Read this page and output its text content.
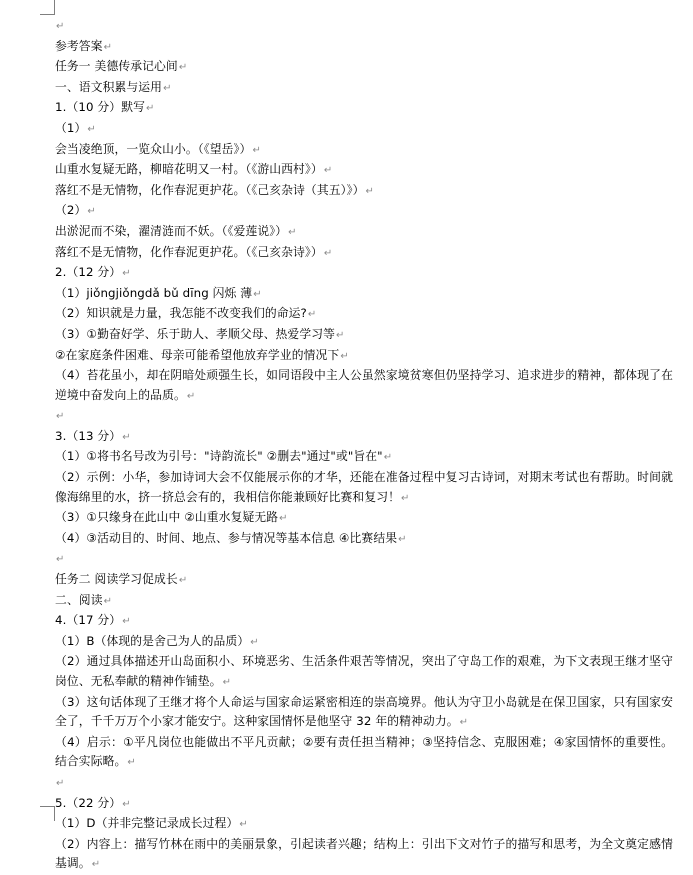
↵
参考答案↵
任务一 美德传承记心间↵
一、语文积累与运用↵
1.（10 分）默写↵
（1）↵
会当凌绝顶，一览众山小。（《望岳》）↵
山重水复疑无路，柳暗花明又一村。（《游山西村》）↵
落红不是无情物，化作春泥更护花。（《己亥杂诗（其五）》）↵
（2）↵
出淤泥而不染，濯清涟而不妖。（《爱莲说》）↵
落红不是无情物，化作春泥更护花。（《己亥杂诗》）↵
2.（12 分）↵
（1）jiǒngjiǒngdǎ bǔ dīng 闪烁 薄↵
（2）知识就是力量，我怎能不改变我们的命运?↵
（3）①勤奋好学、乐于助人、孝顺父母、热爱学习等↵
②在家庭条件困难、母亲可能希望他放弃学业的情况下↵
（4）苔花虽小，却在阴暗处顽强生长，如同语段中主人公虽然家境贫寒但仍坚持学习、追求进步的精神，都体现了在逆境中奋发向上的品质。↵
↵
3.（13 分）↵
（1）①将书名号改为引号："诗韵流长" ②删去"通过"或"旨在"↵
（2）示例：小华，参加诗词大会不仅能展示你的才华，还能在准备过程中复习古诗词，对期末考试也有帮助。时间就像海绵里的水，挤一挤总会有的，我相信你能兼顾好比赛和复习！↵
（3）①只缘身在此山中 ②山重水复疑无路↵
（4）③活动目的、时间、地点、参与情况等基本信息 ④比赛结果↵
↵
任务二 阅读学习促成长↵
二、阅读↵
4.（17 分）↵
（1）B（体现的是舍己为人的品质）↵
（2）通过具体描述开山岛面积小、环境恶劣、生活条件艰苦等情况，突出了守岛工作的艰难，为下文表现王继才坚守岗位、无私奉献的精神作铺垫。↵
（3）这句话体现了王继才将个人命运与国家命运紧密相连的崇高境界。他认为守卫小岛就是在保卫国家，只有国家安全了，千千万万个小家才能安宁。这种家国情怀是他坚守 32 年的精神动力。↵
（4）启示：①平凡岗位也能做出不平凡贡献；②要有责任担当精神；③坚持信念、克服困难；④家国情怀的重要性。结合实际略。↵
↵
5.（22 分）↵
（1）D（并非完整记录成长过程）↵
（2）内容上：描写竹林在雨中的美丽景象，引起读者兴趣；结构上：引出下文对竹子的描写和思考，为全文奠定感情基调。↵
